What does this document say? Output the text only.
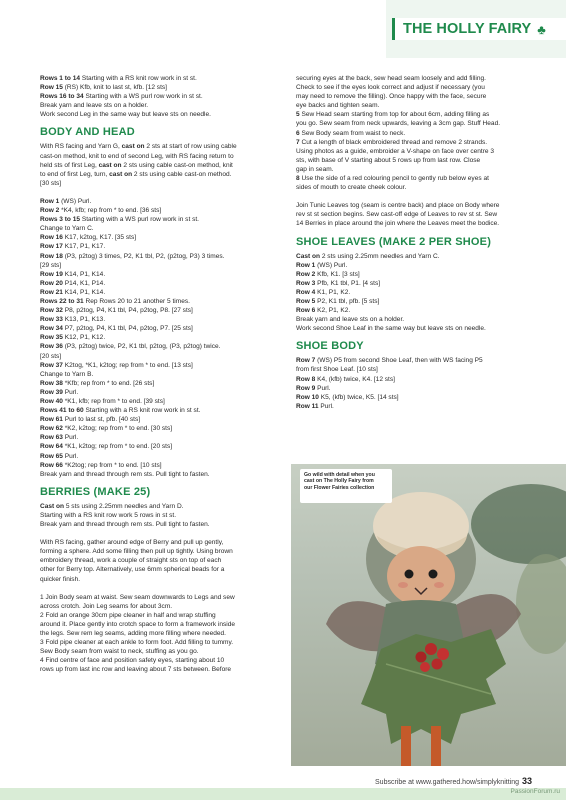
THE HOLLY FAIRY ♣
Rows 1 to 14 Starting with a RS knit row work in st st.
Row 15 (RS) Kfb, knit to last st, kfb. [12 sts]
Rows 16 to 34 Starting with a WS purl row work in st st.
Break yarn and leave sts on a holder.
Work second Leg in the same way but leave sts on needle.
BODY AND HEAD
With RS facing and Yarn G, cast on 2 sts at start of row using cable
cast-on method, knit to end of second Leg, with RS facing return to
held sts of first Leg, cast on 2 sts using cable cast-on method, knit
to end of first Leg, turn, cast on 2 sts using cable cast-on method.
[30 sts]
Row 1 (WS) Purl.
Row 2 *K4, kfb; rep from * to end. [36 sts]
Rows 3 to 15 Starting with a WS purl row work in st st.
Change to Yarn C.
Row 16 K17, k2tog, K17. [35 sts]
Row 17 K17, P1, K17.
Row 18 (P3, p2tog) 3 times, P2, K1 tbl, P2, (p2tog, P3) 3 times.
[29 sts]
Row 19 K14, P1, K14.
Row 20 P14, K1, P14.
Row 21 K14, P1, K14.
Rows 22 to 31 Rep Rows 20 to 21 another 5 times.
Row 32 P8, p2tog, P4, K1 tbl, P4, p2tog, P8. [27 sts]
Row 33 K13, P1, K13.
Row 34 P7, p2tog, P4, K1 tbl, P4, p2tog, P7. [25 sts]
Row 35 K12, P1, K12.
Row 36 (P3, p2tog) twice, P2, K1 tbl, p2tog, (P3, p2tog) twice.
[20 sts]
Row 37 K2tog, *K1, k2tog; rep from * to end. [13 sts]
Change to Yarn B.
Row 38 *Kfb; rep from * to end. [26 sts]
Row 39 Purl.
Row 40 *K1, kfb; rep from * to end. [39 sts]
Rows 41 to 60 Starting with a RS knit row work in st st.
Row 61 Purl to last st, pfb. [40 sts]
Row 62 *K2, k2tog; rep from * to end. [30 sts]
Row 63 Purl.
Row 64 *K1, k2tog; rep from * to end. [20 sts]
Row 65 Purl.
Row 66 *K2tog; rep from * to end. [10 sts]
Break yarn and thread through rem sts. Pull tight to fasten.
BERRIES (MAKE 25)
Cast on 5 sts using 2.25mm needles and Yarn D.
Starting with a RS knit row work 5 rows in st st.
Break yarn and thread through rem sts. Pull tight to fasten.
With RS facing, gather around edge of Berry and pull up gently,
forming a sphere. Add some filling then pull up tightly. Using brown
embroidery thread, work a couple of straight sts on top of each
other for Berry top. Alternatively, use 6mm spherical beads for a
quicker finish.
1 Join Body seam at waist. Sew seam downwards to Legs and sew
across crotch. Join Leg seams for about 3cm.
2 Fold an orange 30cm pipe cleaner in half and wrap stuffing
around it. Place gently into crotch space to form a framework inside
the legs. Sew rem leg seams, adding more filling where needed.
3 Fold pipe cleaner at each ankle to form foot. Add filling to tummy.
Sew Body seam from waist to neck, stuffing as you go.
4 Find centre of face and position safety eyes, starting about 10
rows up from last inc row and leaving about 7 sts between. Before
securing eyes at the back, sew head seam loosely and add filling.
Check to see if the eyes look correct and adjust if necessary (you
may need to remove the filling). Once happy with the face, secure
eye backs and tighten seam.
5 Sew Head seam starting from top for about 6cm, adding filling as
you go. Sew seam from neck upwards, leaving a 3cm gap. Stuff Head.
6 Sew Body seam from waist to neck.
7 Cut a length of black embroidered thread and remove 2 strands.
Using photos as a guide, embroider a V-shape on face over centre 3
sts, with base of V starting about 5 rows up from last row. Close
gap in seam.
8 Use the side of a red colouring pencil to gently rub below eyes at
sides of mouth to create cheek colour.
Join Tunic Leaves tog (seam is centre back) and place on Body where
rev st st section begins. Sew cast-off edge of Leaves to rev st st. Sew
14 Berries in place around the join where the Leaves meet the bodice.
SHOE LEAVES (MAKE 2 PER SHOE)
Cast on 2 sts using 2.25mm needles and Yarn C.
Row 1 (WS) Purl.
Row 2 Kfb, K1. [3 sts]
Row 3 Pfb, K1 tbl, P1. [4 sts]
Row 4 K1, P1, K2.
Row 5 P2, K1 tbl, pfb. [5 sts]
Row 6 K2, P1, K2.
Break yarn and leave sts on a holder.
Work second Shoe Leaf in the same way but leave sts on needle.
SHOE BODY
Row 7 (WS) P5 from second Shoe Leaf, then with WS facing P5
from first Shoe Leaf. [10 sts]
Row 8 K4, (kfb) twice, K4. [12 sts]
Row 9 Purl.
Row 10 K5, (kfb) twice, K5. [14 sts]
Row 11 Purl.
Go wild with detail when you
cast on The Holly Fairy from
our Flower Fairies collection
Subscribe at www.gathered.how/simplyknitting 33
PassionForum.ru
